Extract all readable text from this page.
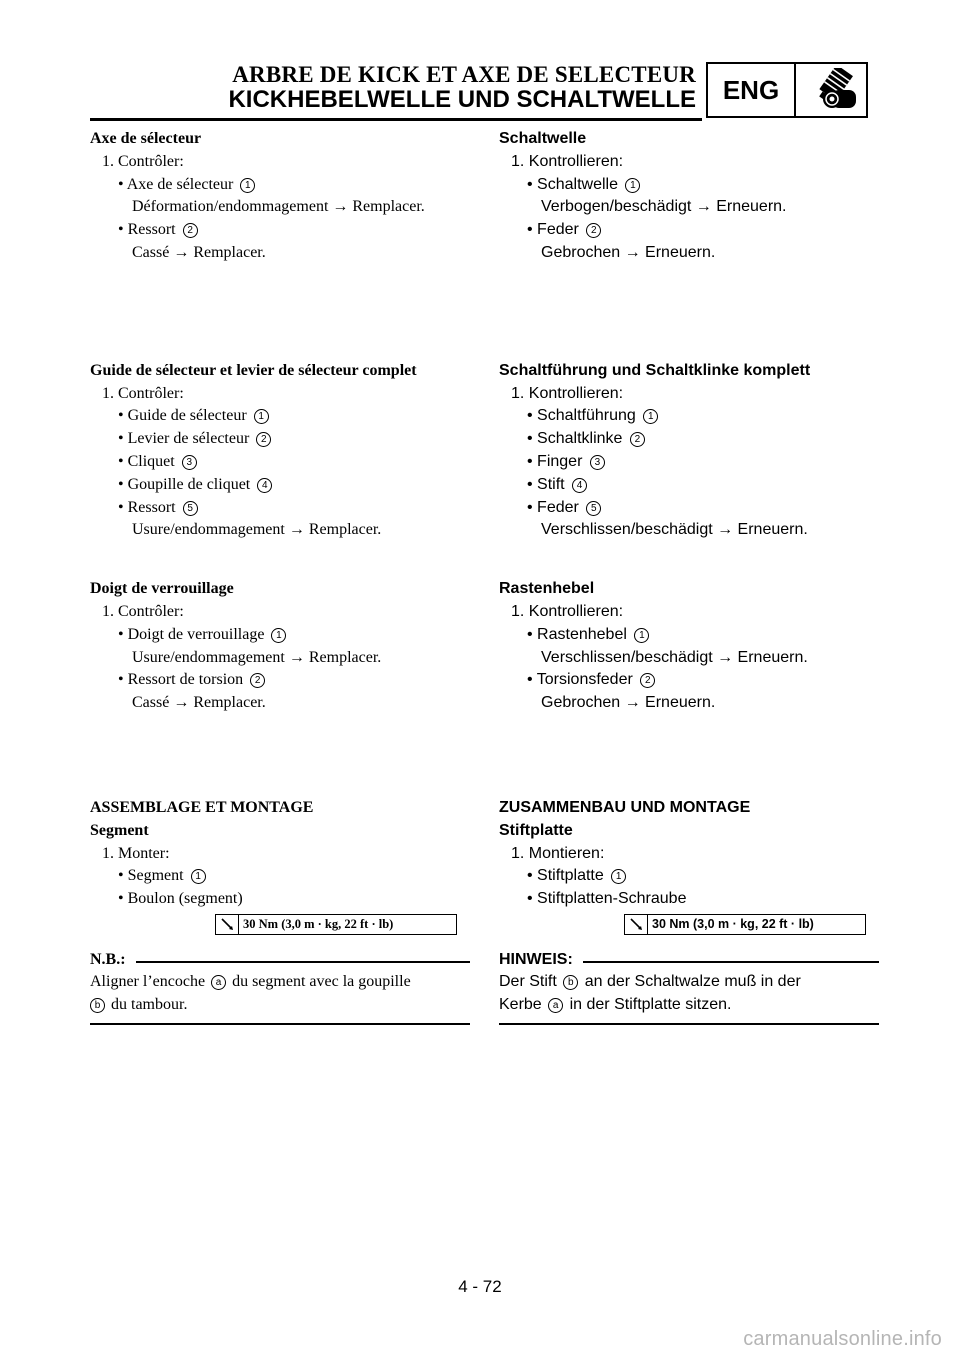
ARBRE DE KICK ET AXE DE SELECTEUR
KICKHEBELWELLE UND SCHALTWELLE	ENG
Axe de sélecteur
1. Contrôler:
• Axe de sélecteur 1
Déformation/endommagement → Remplacer.
• Ressort 2
Cassé → Remplacer.
Guide de sélecteur et levier de sélecteur complet
1. Contrôler:
• Guide de sélecteur 1
• Levier de sélecteur 2
• Cliquet 3
• Goupille de cliquet 4
• Ressort 5
Usure/endommagement → Remplacer.
Doigt de verrouillage
1. Contrôler:
• Doigt de verrouillage 1
Usure/endommagement → Remplacer.
• Ressort de torsion 2
Cassé → Remplacer.
ASSEMBLAGE ET MONTAGE
Segment
1. Monter:
• Segment 1
• Boulon (segment)
30 Nm (3,0 m · kg, 22 ft · lb)
N.B.:
Aligner l’encoche a du segment avec la goupille
b du tambour.
Schaltwelle
1. Kontrollieren:
• Schaltwelle 1
Verbogen/beschädigt → Erneuern.
• Feder 2
Gebrochen → Erneuern.
Schaltführung und Schaltklinke komplett
1. Kontrollieren:
• Schaltführung 1
• Schaltklinke 2
• Finger 3
• Stift 4
• Feder 5
Verschlissen/beschädigt → Erneuern.
Rastenhebel
1. Kontrollieren:
• Rastenhebel 1
Verschlissen/beschädigt → Erneuern.
• Torsionsfeder 2
Gebrochen → Erneuern.
ZUSAMMENBAU UND MONTAGE
Stiftplatte
1. Montieren:
• Stiftplatte 1
• Stiftplatten-Schraube
30 Nm (3,0 m · kg, 22 ft · lb)
HINWEIS:
Der Stift b an der Schaltwalze muß in der
Kerbe a in der Stiftplatte sitzen.
4 - 72
carmanualsonline.info
